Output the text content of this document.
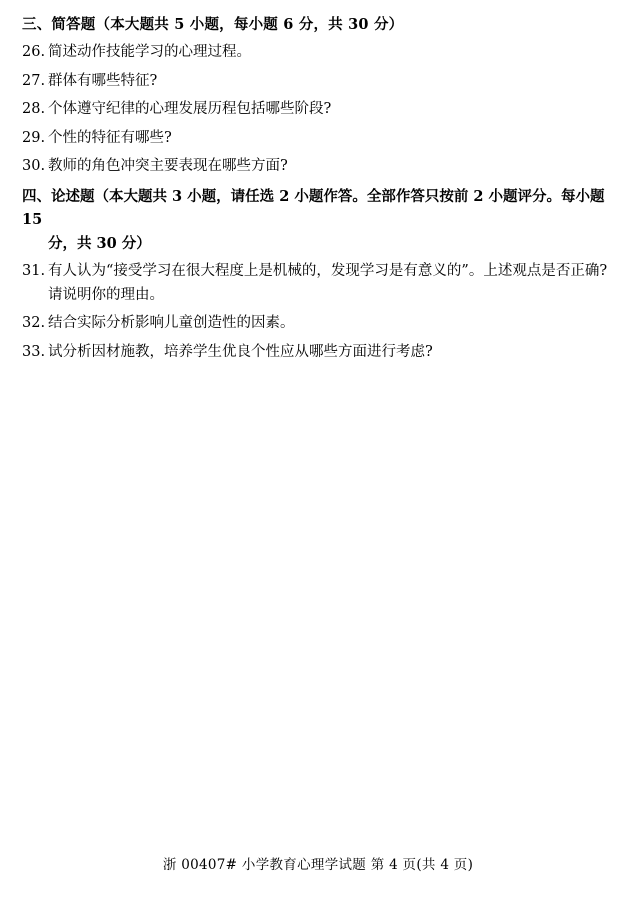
三、简答题（本大题共 5 小题，每小题 6 分，共 30 分）
26. 简述动作技能学习的心理过程。
27. 群体有哪些特征?
28. 个体遵守纪律的心理发展历程包括哪些阶段?
29. 个性的特征有哪些?
30. 教师的角色冲突主要表现在哪些方面?
四、论述题（本大题共 3 小题，请任选 2 小题作答。全部作答只按前 2 小题评分。每小题 15
分，共 30 分）
31. 有人认为“接受学习在很大程度上是机械的，发现学习是有意义的”。上述观点是否正确?
请说明你的理由。
32. 结合实际分析影响儿童创造性的因素。
33. 试分析因材施教，培养学生优良个性应从哪些方面进行考虑?
浙 00407# 小学教育心理学试题 第 4 页(共 4 页)
